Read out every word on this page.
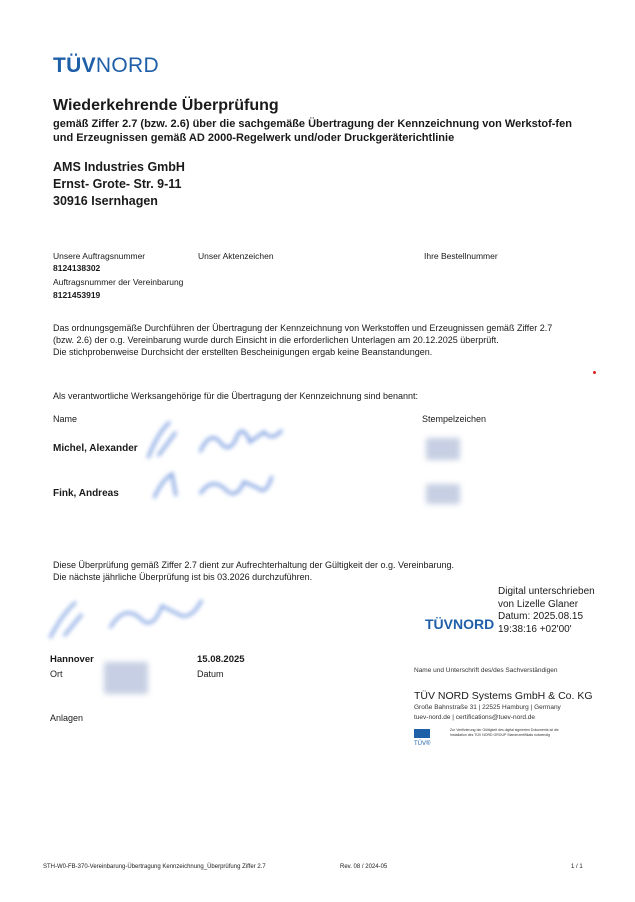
TÜVNORD
Wiederkehrende Überprüfung
gemäß Ziffer 2.7 (bzw. 2.6) über die sachgemäße Übertragung der Kennzeichnung von Werkstof-fen und Erzeugnissen gemäß AD 2000-Regelwerk und/oder Druckgeräterichtlinie
AMS Industries GmbH
Ernst- Grote- Str. 9-11
30916 Isernhagen
Unsere Auftragsnummer
8124138302
Auftragsnummer der Vereinbarung
8121453919
Unser Aktenzeichen	Ihre Bestellnummer
Das ordnungsgemäße Durchführen der Übertragung der Kennzeichnung von Werkstoffen und Erzeugnissen gemäß Ziffer 2.7
(bzw. 2.6) der o.g. Vereinbarung wurde durch Einsicht in die erforderlichen Unterlagen am 20.12.2025 überprüft.
Die stichprobenweise Durchsicht der erstellten Bescheinigungen ergab keine Beanstandungen.
Als verantwortliche Werksangehörige für die Übertragung der Kennzeichnung sind benannt:
Name	Stempelzeichen
Michel, Alexander
Fink, Andreas
Diese Überprüfung gemäß Ziffer 2.7 dient zur Aufrechterhaltung der Gültigkeit der o.g. Vereinbarung.
Die nächste jährliche Überprüfung ist bis 03.2026 durchzuführen.
Hannover
Ort
15.08.2025
Datum
Anlagen
TÜVNORD
Digital unterschrieben von Lizelle Glaner Datum: 2025.08.15 19:38:16 +02'00'
Name und Unterschrift des/des Sachverständigen
TÜV NORD Systems GmbH & Co. KG
Große Bahnstraße 31 | 22525 Hamburg | Germany
tuev-nord.de | certifications@tuev-nord.de
Zur Verifizierung der Gültigkeit des digital signierten Dokuments ist die Installation des TÜV NORD GROUP Stammzertifikats notwendig
TÜV®
STH-W0-FB-370-Vereinbarung-Übertragung Kennzeichnung_Überprüfung Ziffer 2.7	Rev. 08 / 2024-05	1 / 1
